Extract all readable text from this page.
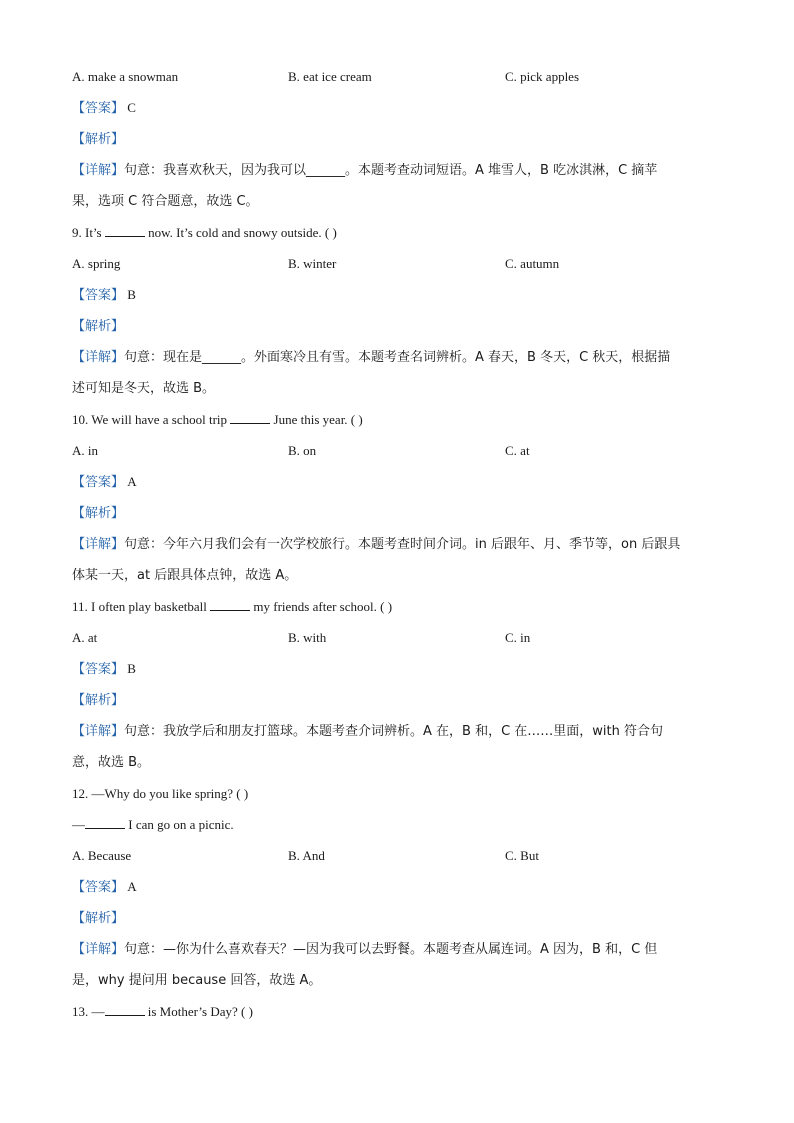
A. make a snowman	B. eat ice cream	C. pick apples
【答案】 C
【解析】
【详解】句意：我喜欢秋天，因为我可以______。本题考查动词短语。A 堆雪人，B 吃冰淇淋，C 摘苹
果，选项 C 符合题意，故选 C。
9. It’s	now. It’s cold and snowy outside. ( )
A. spring	B. winter	C. autumn
【答案】 B
【解析】
【详解】句意：现在是______。外面寒冷且有雪。本题考查名词辨析。A 春天，B 冬天，C 秋天，根据描
述可知是冬天，故选 B。
10. We will have a school trip	June this year. ( )
A. in	B. on	C. at
【答案】 A
【解析】
【详解】句意：今年六月我们会有一次学校旅行。本题考查时间介词。in 后跟年、月、季节等，on 后跟具
体某一天，at 后跟具体点钟，故选 A。
11. I often play basketball	my friends after school. ( )
A. at	B. with	C. in
【答案】 B
【解析】
【详解】句意：我放学后和朋友打篮球。本题考查介词辨析。A 在，B 和，C 在……里面，with 符合句
意，故选 B。
12. —Why do you like spring? ( )
—	I can go on a picnic.
A. Because	B. And	C. But
【答案】 A
【解析】
【详解】句意：—你为什么喜欢春天？—因为我可以去野餐。本题考查从属连词。A 因为，B 和，C 但
是，why 提问用 because 回答，故选 A。
13. —	is Mother’s Day? ( )
